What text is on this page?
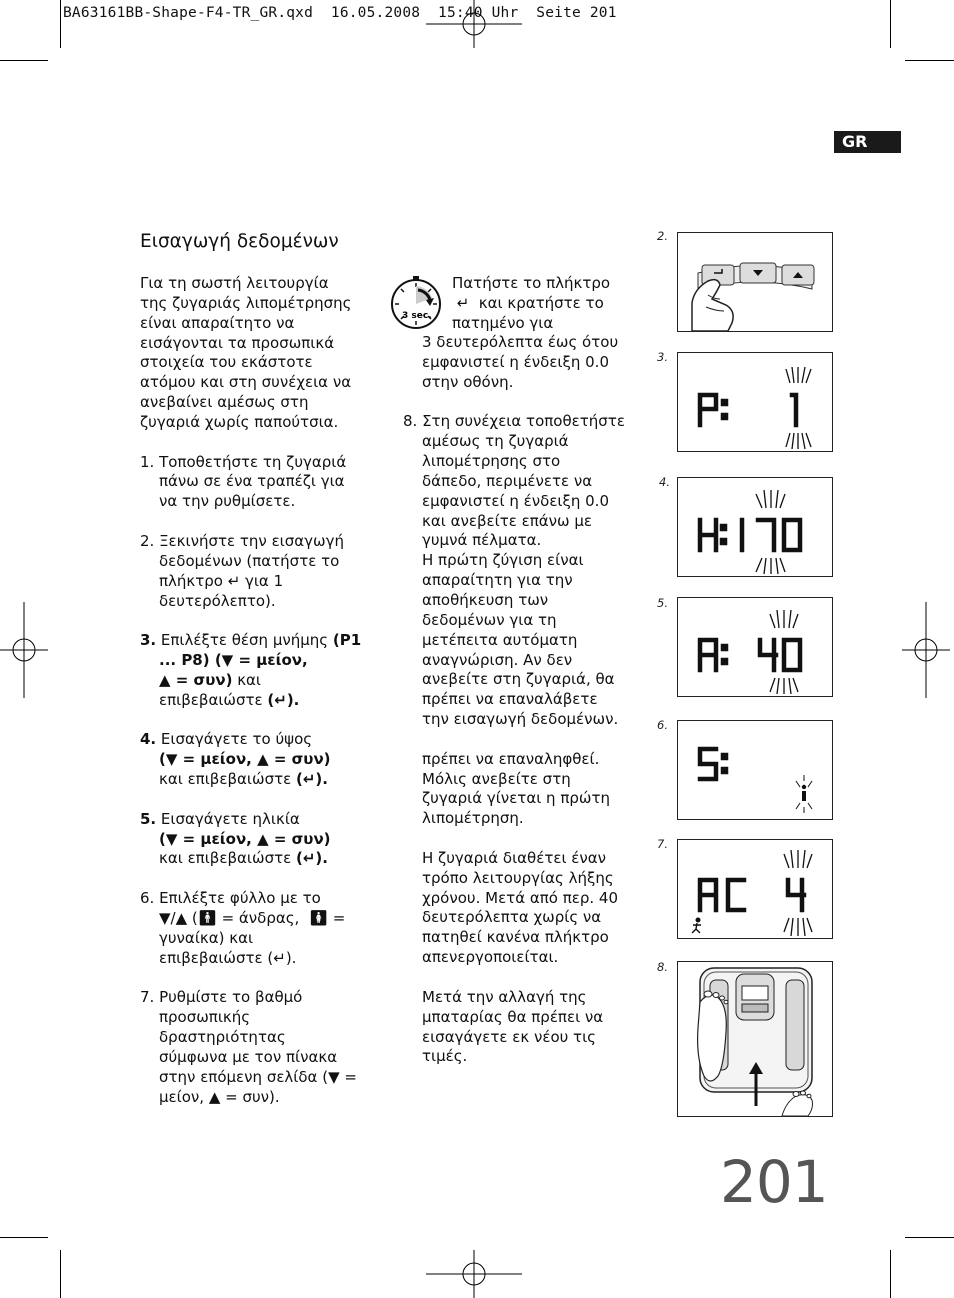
BA63161BB-Shape-F4-TR_GR.qxd  16.05.2008  15:40 Uhr  Seite 201
GR
Εισαγωγή δεδομένων

Για τη σωστή λειτουργία

της ζυγαριάς λιπομέτρησης

είναι απαραίτητο να

εισάγονται τα προσωπικά

στοιχεία του εκάστοτε

ατόμου και στη συνέχεια να

ανεβαίνει αμέσως στη

ζυγαριά χωρίς παπούτσια.

1. Τοποθετήστε τη ζυγαριά

πάνω σε ένα τραπέζι για

να την ρυθμίσετε.

2. Ξεκινήστε την εισαγωγή

δεδομένων (πατήστε το

πλήκτρο ↵ για 1

δευτερόλεπτο).

3. Επιλέξτε θέση μνήμης (P1

... P8) (▼ = μείον,

▲ = συν) και

επιβεβαιώστε (↵).

4. Εισαγάγετε το ύψος

(▼ = μείον, ▲ = συν)

και επιβεβαιώστε (↵).

5. Εισαγάγετε ηλικία

(▼ = μείον, ▲ = συν)

και επιβεβαιώστε (↵).

6. Επιλέξτε φύλλο με το

▼/▲ (🚹︎ = άνδρας, 🚺︎ =

γυναίκα) και

επιβεβαιώστε (↵).

7. Ρυθμίστε το βαθμό

προσωπικής

δραστηριότητας

σύμφωνα με τον πίνακα

στην επόμενη σελίδα (▼ =

μείον, ▲ = συν).

3 sec.

Πατήστε το πλήκτρο

↵ και κρατήστε το

πατημένο για

3 δευτερόλεπτα έως ότου

εμφανιστεί η ένδειξη 0.0

στην οθόνη.

8. Στη συνέχεια τοποθετήστε

αμέσως τη ζυγαριά

λιπομέτρησης στο

δάπεδο, περιμένετε να

εμφανιστεί η ένδειξη 0.0

και ανεβείτε επάνω με

γυμνά πέλματα.

Η πρώτη ζύγιση είναι

απαραίτητη για την

αποθήκευση των

δεδομένων για τη

μετέπειτα αυτόματη

αναγνώριση. Αν δεν

ανεβείτε στη ζυγαριά, θα

πρέπει να επαναλάβετε

την εισαγωγή δεδομένων.

πρέπει να επαναληφθεί.

Μόλις ανεβείτε στη

ζυγαριά γίνεται η πρώτη

λιπομέτρηση.

Η ζυγαριά διαθέτει έναν

τρόπο λειτουργίας λήξης

χρόνου. Μετά από περ. 40

δευτερόλεπτα χωρίς να

πατηθεί κανένα πλήκτρο

απενεργοποιείται.

Μετά την αλλαγή της

μπαταρίας θα πρέπει να

εισαγάγετε εκ νέου τις

τιμές.

2.
3.
4.
5.
6.
7.
8.
201
